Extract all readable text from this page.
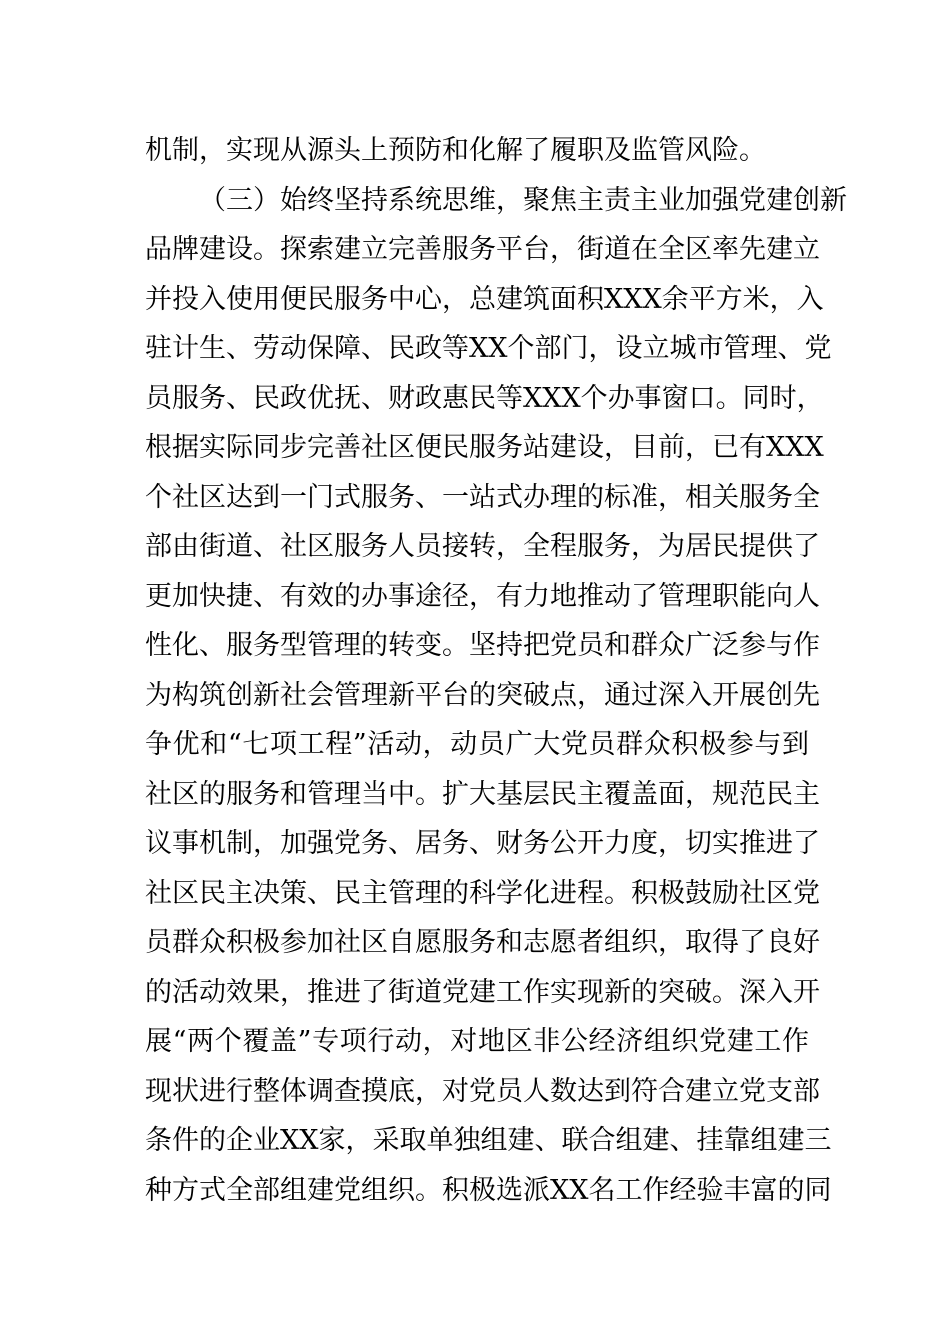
机制，实现从源头上预防和化解了履职及监管风险。
（三）始终坚持系统思维，聚焦主责主业加强党建创新
品牌建设。探索建立完善服务平台，街道在全区率先建立
并投入使用便民服务中心，总建筑面积XXX余平方米，入
驻计生、劳动保障、民政等XX个部门，设立城市管理、党
员服务、民政优抚、财政惠民等XXX个办事窗口。同时，
根据实际同步完善社区便民服务站建设，目前，已有XXX
个社区达到一门式服务、一站式办理的标准，相关服务全
部由街道、社区服务人员接转，全程服务，为居民提供了
更加快捷、有效的办事途径，有力地推动了管理职能向人
性化、服务型管理的转变。坚持把党员和群众广泛参与作
为构筑创新社会管理新平台的突破点，通过深入开展创先
争优和“七项工程”活动，动员广大党员群众积极参与到
社区的服务和管理当中。扩大基层民主覆盖面，规范民主
议事机制，加强党务、居务、财务公开力度，切实推进了
社区民主决策、民主管理的科学化进程。积极鼓励社区党
员群众积极参加社区自愿服务和志愿者组织，取得了良好
的活动效果，推进了街道党建工作实现新的突破。深入开
展“两个覆盖”专项行动，对地区非公经济组织党建工作
现状进行整体调查摸底，对党员人数达到符合建立党支部
条件的企业XX家，采取单独组建、联合组建、挂靠组建三
种方式全部组建党组织。积极选派XX名工作经验丰富的同
